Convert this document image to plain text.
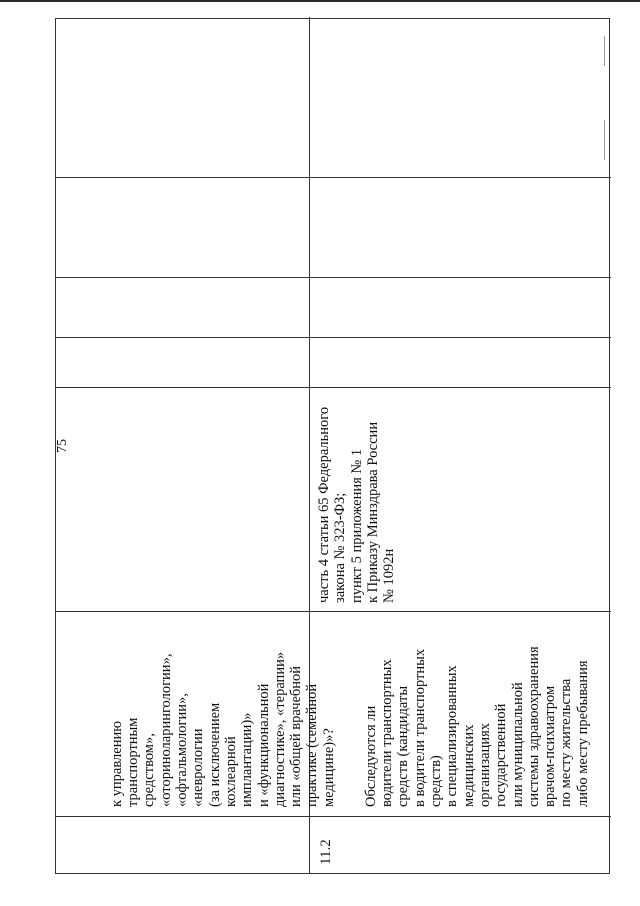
75

к управлению
транспортным
средством»,
«оториноларингологии»,
«офтальмологии»,
«неврологии
(за исключением
кохлеарной
имплантации)»
и «функциональной
диагностике», «терапии»
или «общей врачебной
практике (семейной
медицине)»?

11.2

Обследуются ли
водители транспортных
средств (кандидаты
в водители транспортных
средств)
в специализированных
медицинских
организациях
государственной
или муниципальной
системы здравоохранения
врачом-психиатром
по месту жительства
либо месту пребывания

часть 4 статьи 65 Федерального
закона № 323-ФЗ;
пункт 5 приложения № 1
к Приказу Минздрава России
№ 1092н
